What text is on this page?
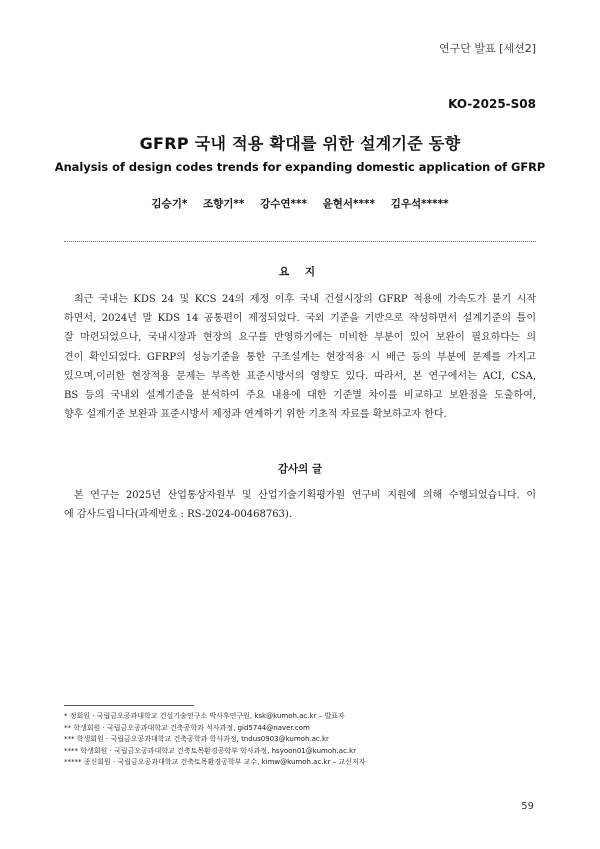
연구단 발표 [세션2]
KO-2025-S08
GFRP 국내 적용 확대를 위한 설계기준 동향
Analysis of design codes trends for expanding domestic application of GFRP
김승기* 조향기** 강수연*** 윤현서**** 김우석*****
요 지
최근 국내는 KDS 24 및 KCS 24의 제정 이후 국내 건설시장의 GFRP 적용에 가속도가 붙기 시작
하면서, 2024년 말 KDS 14 공통편이 제정되었다. 국외 기준을 기반으로 작성하면서 설계기준의 틀이
잘 마련되었으나, 국내시장과 현장의 요구를 반영하기에는 미비한 부분이 있어 보완이 필요하다는 의
견이 확인되었다. GFRP의 성능기준을 통한 구조설계는 현장적용 시 배근 등의 부분에 문제를 가지고
있으며,이러한 현장적용 문제는 부족한 표준시방서의 영향도 있다. 따라서, 본 연구에서는 ACI, CSA,
BS 등의 국내외 설계기준을 분석하여 주요 내용에 대한 기준별 차이를 비교하고 보완점을 도출하여,
향후 설계기준 보완과 표준시방서 제정과 연계하기 위한 기초적 자료를 확보하고자 한다.
감사의 글
본 연구는 2025년 산업통상자원부 및 산업기술기획평가원 연구비 지원에 의해 수행되었습니다. 이
에 감사드립니다(과제번호 : RS-2024-00468763).
* 정회원 · 국립금오공과대학교 건설기술연구소 박사후연구원, ksk@kumoh.ac.kr – 발표자
** 학생회원 · 국립금오공과대학교 건축공학과 석사과정, gid5744@naver.com
*** 학생회원 · 국립금오공과대학교 건축공학과 학사과정, tndus0903@kumoh.ac.kr
**** 학생회원 · 국립금오공과대학교 건축토목환경공학부 학사과정, hsyoon01@kumoh.ac.kr
***** 종신회원 · 국립금오공과대학교 건축토목환경공학부 교수, kimw@kumoh.ac.kr – 교신저자
59
